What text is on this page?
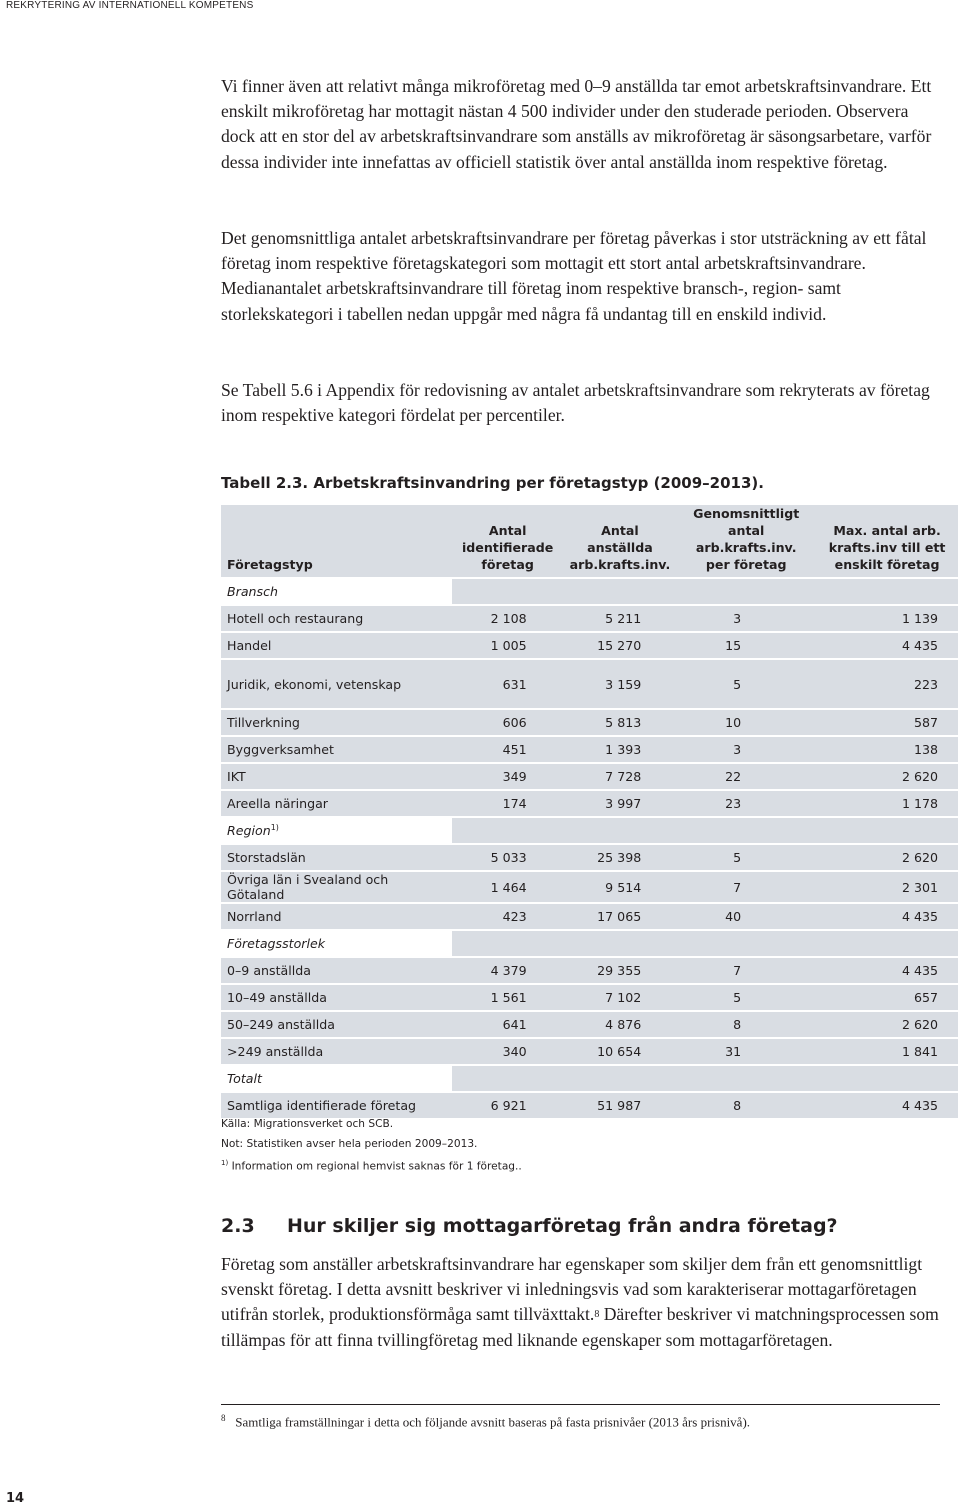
REKRYTERING AV INTERNATIONELL KOMPETENS

Vi finner även att relativt många mikroföretag med 0–9 anställda tar emot arbetskraftsinvandrare. Ett enskilt mikroföretag har mottagit nästan 4 500 individer under den studerade perioden. Observera dock att en stor del av arbetskraftsinvandrare som anställs av mikroföretag är säsongsarbetare, varför dessa individer inte innefattas av officiell statistik över antal anställda inom respektive företag.

Det genomsnittliga antalet arbetskraftsinvandrare per företag påverkas i stor utsträckning av ett fåtal företag inom respektive företagskategori som mottagit ett stort antal arbetskraftsinvandrare. Medianantalet arbetskraftsinvandrare till företag inom respektive bransch-, region- samt storlekskategori i tabellen nedan uppgår med några få undantag till en enskild individ.

Se Tabell 5.6 i Appendix för redovisning av antalet arbetskraftsinvandrare som rekryterats av företag inom respektive kategori fördelat per percentiler.

Tabell 2.3. Arbetskraftsinvandring per företagstyp (2009–2013).
Företagstyp	Antal identifierade företag	Antal anställda arb.krafts.inv.	Genomsnittligt antal arb.krafts.inv. per företag	Max. antal arb. krafts.inv till ett enskilt företag
Bransch				
Hotell och restaurang	2 108	5 211	3	1 139
Handel	1 005	15 270	15	4 435
Juridik, ekonomi, vetenskap	631	3 159	5	223
Tillverkning	606	5 813	10	587
Byggverksamhet	451	1 393	3	138
IKT	349	7 728	22	2 620
Areella näringar	174	3 997	23	1 178
Region$^{1)}$	
Storstadslän	5 033	25 398	5	2 620
Övriga län i Svealand och Götaland	1 464	9 514	7	2 301
Norrland	423	17 065	40	4 435
Företagsstorlek				
0–9 anställda	4 379	29 355	7	4 435
10–49 anställda	1 561	7 102	5	657
50–249 anställda	641	4 876	8	2 620
>249 anställda	340	10 654	31	1 841
Totalt				
Samtliga identifierade företag	6 921	51 987	8	4 435
Källa: Migrationsverket och SCB.
Not: Statistiken avser hela perioden 2009–2013.
$^{1)}$ Information om regional hemvist saknas för 1 företag..
2.3 Hur skiljer sig mottagarföretag från andra företag?

Företag som anställer arbetskraftsinvandrare har egenskaper som skiljer dem från ett genomsnittligt svenskt företag. I detta avsnitt beskriver vi inledningsvis vad som karakteriserar mottagarföretagen utifrån storlek, produktionsförmåga samt tillväxttakt.$^8$ Därefter beskriver vi matchningsprocessen som tillämpas för att finna tvillingföretag med liknande egenskaper som mottagarföretagen.

$^8$ Samtliga framställningar i detta och följande avsnitt baseras på fasta prisnivåer (2013 års prisnivå).
14
